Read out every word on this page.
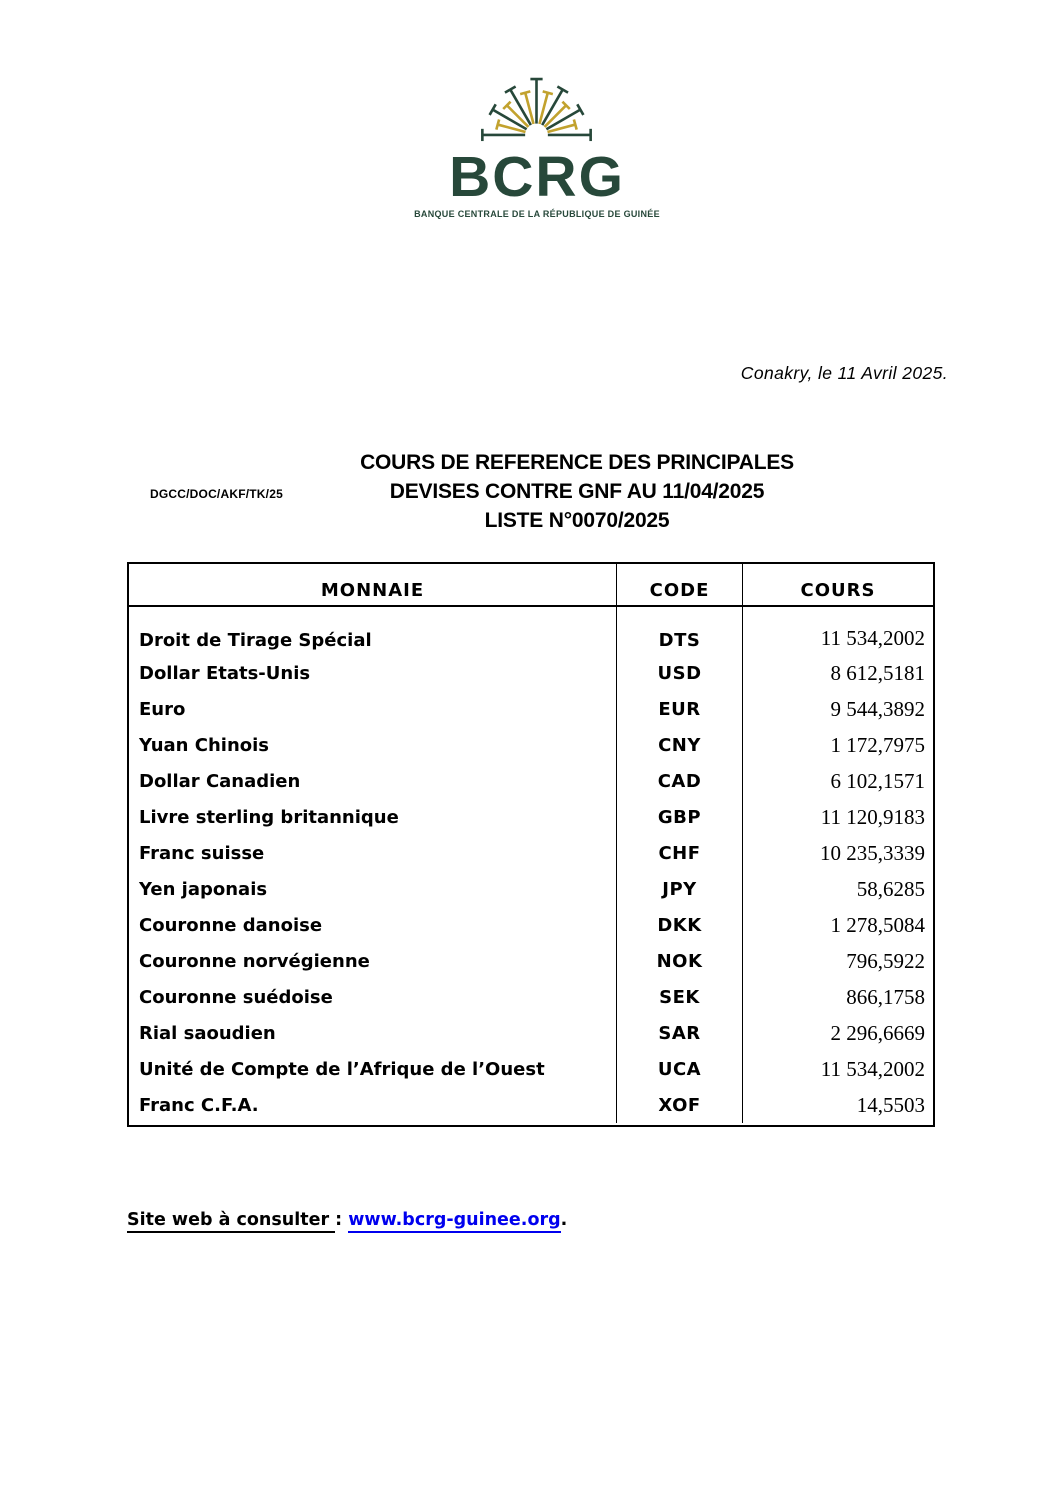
BCRG
BANQUE CENTRALE DE LA RÉPUBLIQUE DE GUINÉE
Conakry, le 11 Avril 2025.
DGCC/DOC/AKF/TK/25
COURS DE REFERENCE DES PRINCIPALES
DEVISES CONTRE GNF AU 11/04/2025
LISTE N°0070/2025
MONNAIE	CODE	COURS
Droit de Tirage Spécial	DTS	11 534,2002
Dollar Etats-Unis	USD	8 612,5181
Euro	EUR	9 544,3892
Yuan Chinois	CNY	1 172,7975
Dollar Canadien	CAD	6 102,1571
Livre sterling britannique	GBP	11 120,9183
Franc suisse	CHF	10 235,3339
Yen japonais	JPY	58,6285
Couronne danoise	DKK	1 278,5084
Couronne norvégienne	NOK	796,5922
Couronne suédoise	SEK	866,1758
Rial saoudien	SAR	2 296,6669
Unité de Compte de l’Afrique de l’Ouest	UCA	11 534,2002
Franc C.F.A.	XOF	14,5503
Site web à consulter : www.bcrg-guinee.org.
